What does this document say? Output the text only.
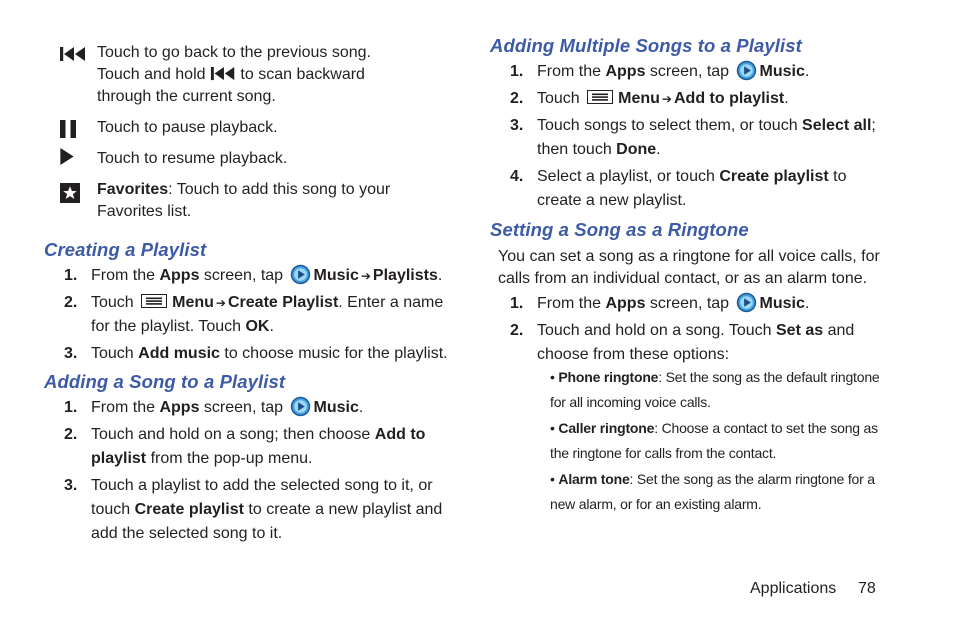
Touch to go back to the previous song. Touch and hold  to scan backward through the current song.
Touch to pause playback.
Touch to resume playback.
Favorites: Touch to add this song to your Favorites list.
Creating a Playlist
1. From the Apps screen, tap Music ➔ Playlists.
2. Touch Menu ➔ Create Playlist. Enter a name for the playlist. Touch OK.
3. Touch Add music to choose music for the playlist.
Adding a Song to a Playlist
1. From the Apps screen, tap Music.
2. Touch and hold on a song; then choose Add to playlist from the pop-up menu.
3. Touch a playlist to add the selected song to it, or touch Create playlist to create a new playlist and add the selected song to it.
Adding Multiple Songs to a Playlist
1. From the Apps screen, tap Music.
2. Touch Menu ➔ Add to playlist.
3. Touch songs to select them, or touch Select all; then touch Done.
4. Select a playlist, or touch Create playlist to create a new playlist.
Setting a Song as a Ringtone

You can set a song as a ringtone for all voice calls, for calls from an individual contact, or as an alarm tone.

1. From the Apps screen, tap Music.
2. Touch and hold on a song. Touch Set as and choose from these options:
• Phone ringtone: Set the song as the default ringtone for all incoming voice calls.
• Caller ringtone: Choose a contact to set the song as the ringtone for calls from the contact.
• Alarm tone: Set the song as the alarm ringtone for a new alarm, or for an existing alarm.
Applications 78
